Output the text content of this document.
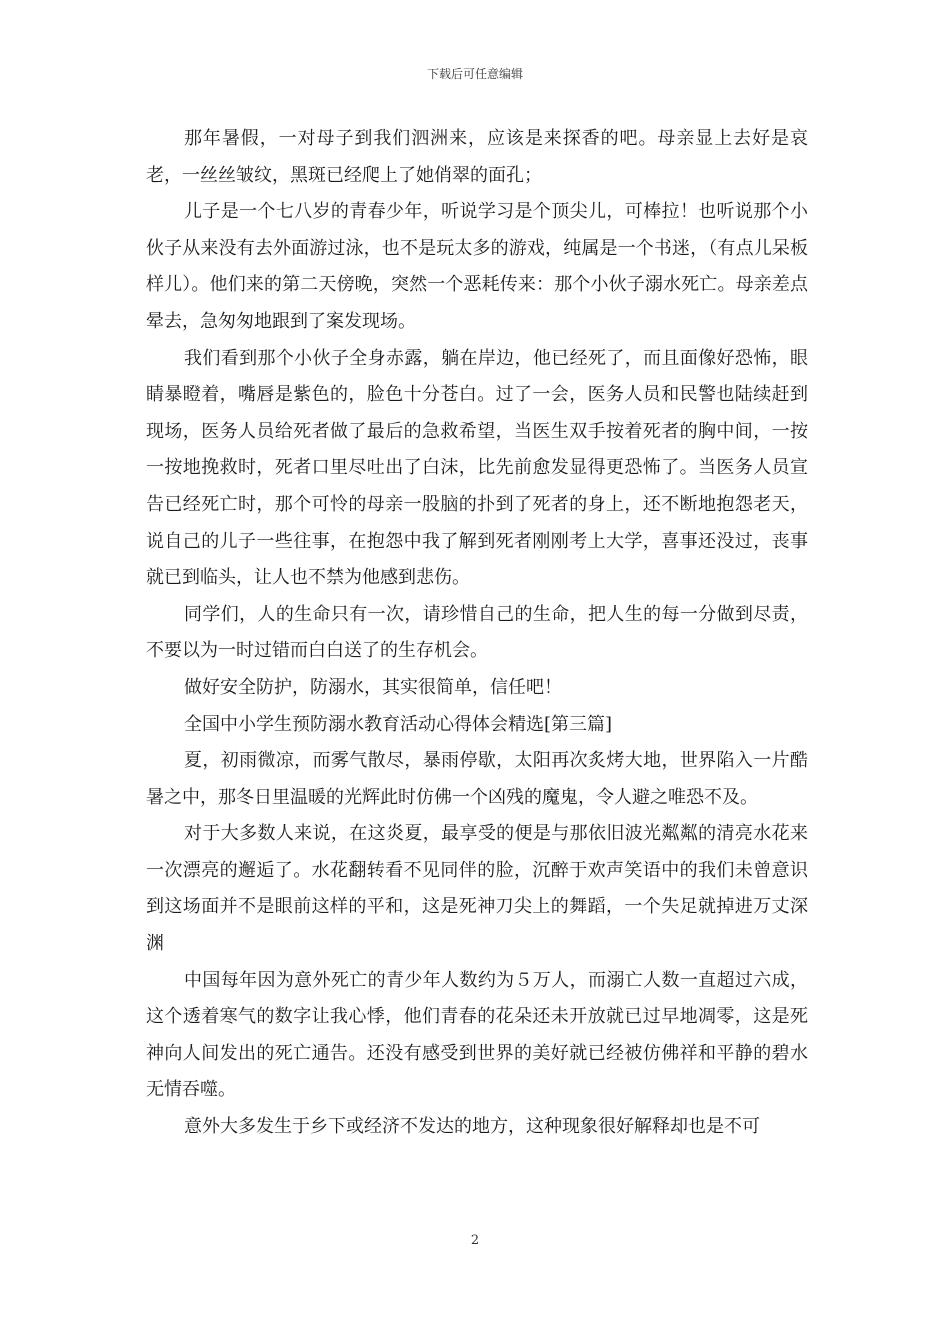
下载后可任意编辑

那年暑假，一对母子到我们泗洲来，应该是来探香的吧。母亲显上去好是哀老，一丝丝皱纹，黑斑已经爬上了她俏翠的面孔；

儿子是一个七八岁的青春少年，听说学习是个顶尖儿，可棒拉！也听说那个小伙子从来没有去外面游过泳，也不是玩太多的游戏，纯属是一个书迷，（有点儿呆板样儿）。他们来的第二天傍晚，突然一个恶耗传来：那个小伙子溺水死亡。母亲差点晕去，急匆匆地跟到了案发现场。

我们看到那个小伙子全身赤露，躺在岸边，他已经死了，而且面像好恐怖，眼睛暴瞪着，嘴唇是紫色的，脸色十分苍白。过了一会，医务人员和民警也陆续赶到现场，医务人员给死者做了最后的急救希望，当医生双手按着死者的胸中间，一按一按地挽救时，死者口里尽吐出了白沫，比先前愈发显得更恐怖了。当医务人员宣告已经死亡时，那个可怜的母亲一股脑的扑到了死者的身上，还不断地抱怨老天，说自己的儿子一些往事，在抱怨中我了解到死者刚刚考上大学，喜事还没过，丧事就已到临头，让人也不禁为他感到悲伤。

同学们，人的生命只有一次，请珍惜自己的生命，把人生的每一分做到尽责，不要以为一时过错而白白送了的生存机会。

做好安全防护，防溺水，其实很简单，信任吧！

全国中小学生预防溺水教育活动心得体会精选[第三篇]

夏，初雨微凉，而雾气散尽，暴雨停歇，太阳再次炙烤大地，世界陷入一片酷暑之中，那冬日里温暖的光辉此时仿佛一个凶残的魔鬼，令人避之唯恐不及。

对于大多数人来说，在这炎夏，最享受的便是与那依旧波光粼粼的清亮水花来一次漂亮的邂逅了。水花翻转看不见同伴的脸，沉醉于欢声笑语中的我们未曾意识到这场面并不是眼前这样的平和，这是死神刀尖上的舞蹈，一个失足就掉进万丈深渊

中国每年因为意外死亡的青少年人数约为５万人，而溺亡人数一直超过六成，这个透着寒气的数字让我心悸，他们青春的花朵还未开放就已过早地凋零，这是死神向人间发出的死亡通告。还没有感受到世界的美好就已经被仿佛祥和平静的碧水无情吞噬。

意外大多发生于乡下或经济不发达的地方，这种现象很好解释却也是不可

2
